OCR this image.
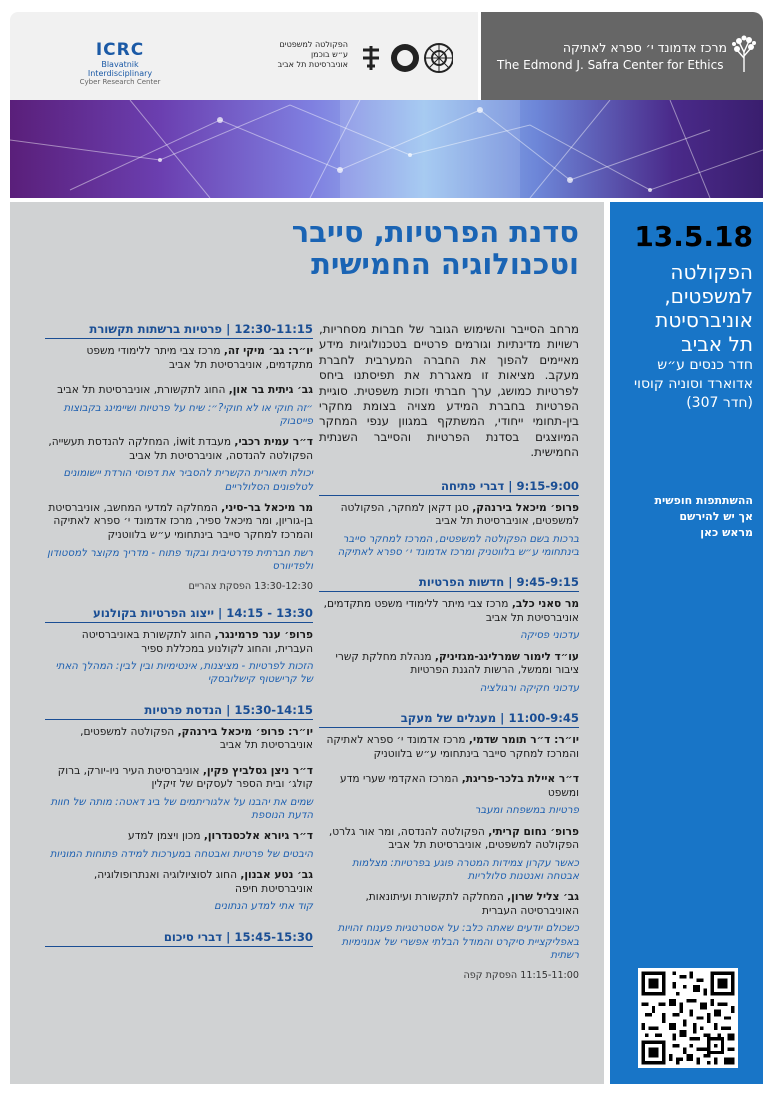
מרכז אדמונד י׳ ספרא לאתיקה
The Edmond J. Safra Center for Ethics
ICRC
Blavatnik Interdisciplinary
Cyber Research Center
הפקולטה למשפטים
ע״ש בוכמן
אוניברסיטת תל אביב
סדנת הפרטיות, סייבר
וטכנולוגיה החמישית
13.5.18
הפקולטה למשפטים, אוניברסיטת תל אביב
חדר כנסים ע״ש אדוארד וסוניה קוסוי (חדר 307)
ההשתתפות חופשית
אך יש להירשם
מראש כאן
מרחב הסייבר והשימוש הגובר של חברות מסחריות, רשויות מדינתיות וגורמים פרטיים בטכנולוגיות מידע מאיימים להפוך את החברה המערבית לחברת מעקב. מציאות זו מאגררת את תפיסתנו ביחס לפרטיות כמושג, ערך חברתי וזכות משפטית. סוגיית הפרטיות בחברת המידע מצויה בצומת מחקרי בין-תחומי ייחודי, המשתקף במגוון ענפי המחקר המיוצגים בסדנת הפרטיות והסייבר השנתית החמישית.
9:15-9:00 | דברי פתיחה
פרופ׳ מיכאל בירנהק, סגן דקאן למחקר, הפקולטה למשפטים, אוניברסיטת תל אביב
ברכות בשם הפקולטה למשפטים, המרכז למחקר סייבר בינתחומי ע״ש בלווטניק ומרכז אדמונד י׳ ספרא לאתיקה
9:45-9:15 | חדשות הפרטיות
מר סאני כלב, מרכז צבי מיתר ללימודי משפט מתקדמים, אוניברסיטת תל אביב
עדכוני פסיקה
עו״ד לימור שמרלינג-מגזיניק, מנהלת מחלקת קשרי ציבור וממשל, הרשות להגנת הפרטיות
עדכוני חקיקה ורגולציה
11:00-9:45 | מעגלים של מעקב
יו״ר: ד״ר תומר שדמי, מרכז אדמונד י׳ ספרא לאתיקה והמרכז למחקר סייבר בינתחומי ע״ש בלווטניק
ד״ר איילת בלכר-פריגת, המרכז האקדמי שערי מדע ומשפט
פרטיות במשפחה ומעבר
פרופ׳ נחום קריתי, הפקולטה להנדסה, ומר אור גלרט, הפקולטה למשפטים, אוניברסיטת תל אביב
כאשר עקרון צמידות המטרה פוגע בפרטיות: מצלמות אבטחה ואנטנות סלולריות
גב׳ צליל שרון, המחלקה לתקשורת ועיתונאות, האוניברסיטה העברית
כשכולם יודעים שאתה כלב: על אסטרטגיות פענוח זהויות באפליקציית סיקרט והמודל הבלתי אפשרי של אנונימיות רשתית
11:15-11:00 הפסקת קפה
12:30-11:15 | פרטיות ברשתות תקשורת
יו״ר: גב׳ מיקי זה, מרכז צבי מיתר ללימודי משפט מתקדמים, אוניברסיטת תל אביב
גב׳ גיתית בר און, החוג לתקשורת, אוניברסיטת תל אביב
״זה חוקי או לא חוקי?״: שיח על פרטיות ושיימינג בקבוצות פייסבוק
ד״ר עמית רכבי, מעבדת iwit, המחלקה להנדסת תעשייה, הפקולטה להנדסה, אוניברסיטת תל אביב
יכולת תיאורית הקשרית להסביר את דפוסי הורדת יישומונים לטלפונים הסלולריים
מר מיכאל בר-סיני, המחלקה למדעי המחשב, אוניברסיטת בן-גוריון, ומר מיכאל ספיר, מרכז אדמונד י׳ ספרא לאתיקה והמרכז למחקר סייבר בינתחומי ע״ש בלווטניק
רשת חברתית פדרטיבית ובקוד פתוח - מדריך מקוצר למסטודון ולפדיוורס
13:30-12:30 הפסקת צהריים
13:30 - 14:15 | ייצוג הפרטיות בקולנוע
פרופ׳ ענר פרמינגר, החוג לתקשורת באוניברסיטה העברית, והחוג לקולנוע במכללת ספיר
הזכות לפרטיות - מציצנות, אינטימיות ובין לבין: המהלך האתי של קרישטוף קישלובסקי
15:30-14:15 | הנדסת פרטיות
יו״ר: פרופ׳ מיכאל בירנהק, הפקולטה למשפטים, אוניברסיטת תל אביב
ד״ר ניצן גסלביץ פקין, אוניברסיטת העיר ניו-יורק, ברוק קולג׳ ובית הספר לעסקים של זיקלין
שמים את יהבנו על אלגוריתמים של ביג דאטה: מותה של חוות הדעת הנוספת
ד״ר גיורא אלכסנדרון, מכון ויצמן למדע
היבטים של פרטיות ואבטחה במערכות למידה פתוחות המוניות
גב׳ נטע אבנון, החוג לסוציולוגיה ואנתרופולוגיה, אוניברסיטת חיפה
קוד אתי למדע הנתונים
15:45-15:30 | דברי סיכום
